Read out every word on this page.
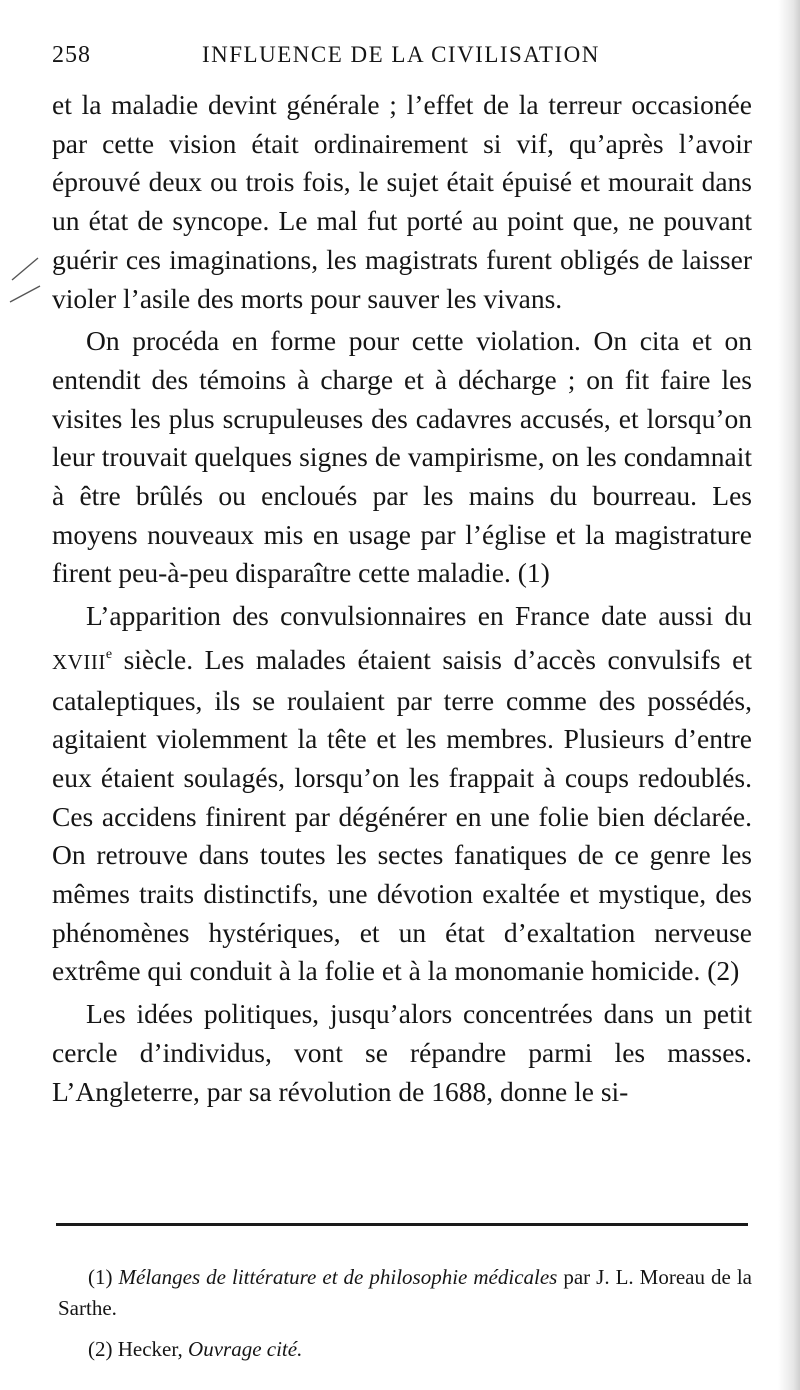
258	INFLUENCE DE LA CIVILISATION

et la maladie devint générale ; l’effet de la terreur occasionée par cette vision était ordinairement si vif, qu’après l’avoir éprouvé deux ou trois fois, le sujet était épuisé et mourait dans un état de syncope. Le mal fut porté au point que, ne pouvant guérir ces imaginations, les magistrats furent obligés de laisser violer l’asile des morts pour sauver les vivans.

On procéda en forme pour cette violation. On cita et on entendit des témoins à charge et à décharge ; on fit faire les visites les plus scrupuleuses des cadavres accusés, et lorsqu’on leur trouvait quelques signes de vampirisme, on les condamnait à être brûlés ou encloués par les mains du bourreau. Les moyens nouveaux mis en usage par l’église et la magistrature firent peu-à-peu disparaître cette maladie. (1)

L’apparition des convulsionnaires en France date aussi du XVIIIe siècle. Les malades étaient saisis d’accès convulsifs et cataleptiques, ils se roulaient par terre comme des possédés, agitaient violemment la tête et les membres. Plusieurs d’entre eux étaient soulagés, lorsqu’on les frappait à coups redoublés. Ces accidens finirent par dégénérer en une folie bien déclarée. On retrouve dans toutes les sectes fanatiques de ce genre les mêmes traits distinctifs, une dévotion exaltée et mystique, des phénomènes hystériques, et un état d’exaltation nerveuse extrême qui conduit à la folie et à la monomanie homicide. (2)

Les idées politiques, jusqu’alors concentrées dans un petit cercle d’individus, vont se répandre parmi les masses. L’Angleterre, par sa révolution de 1688, donne le si-

(1) Mélanges de littérature et de philosophie médicales par J. L. Moreau de la Sarthe.

(2) Hecker, Ouvrage cité.
